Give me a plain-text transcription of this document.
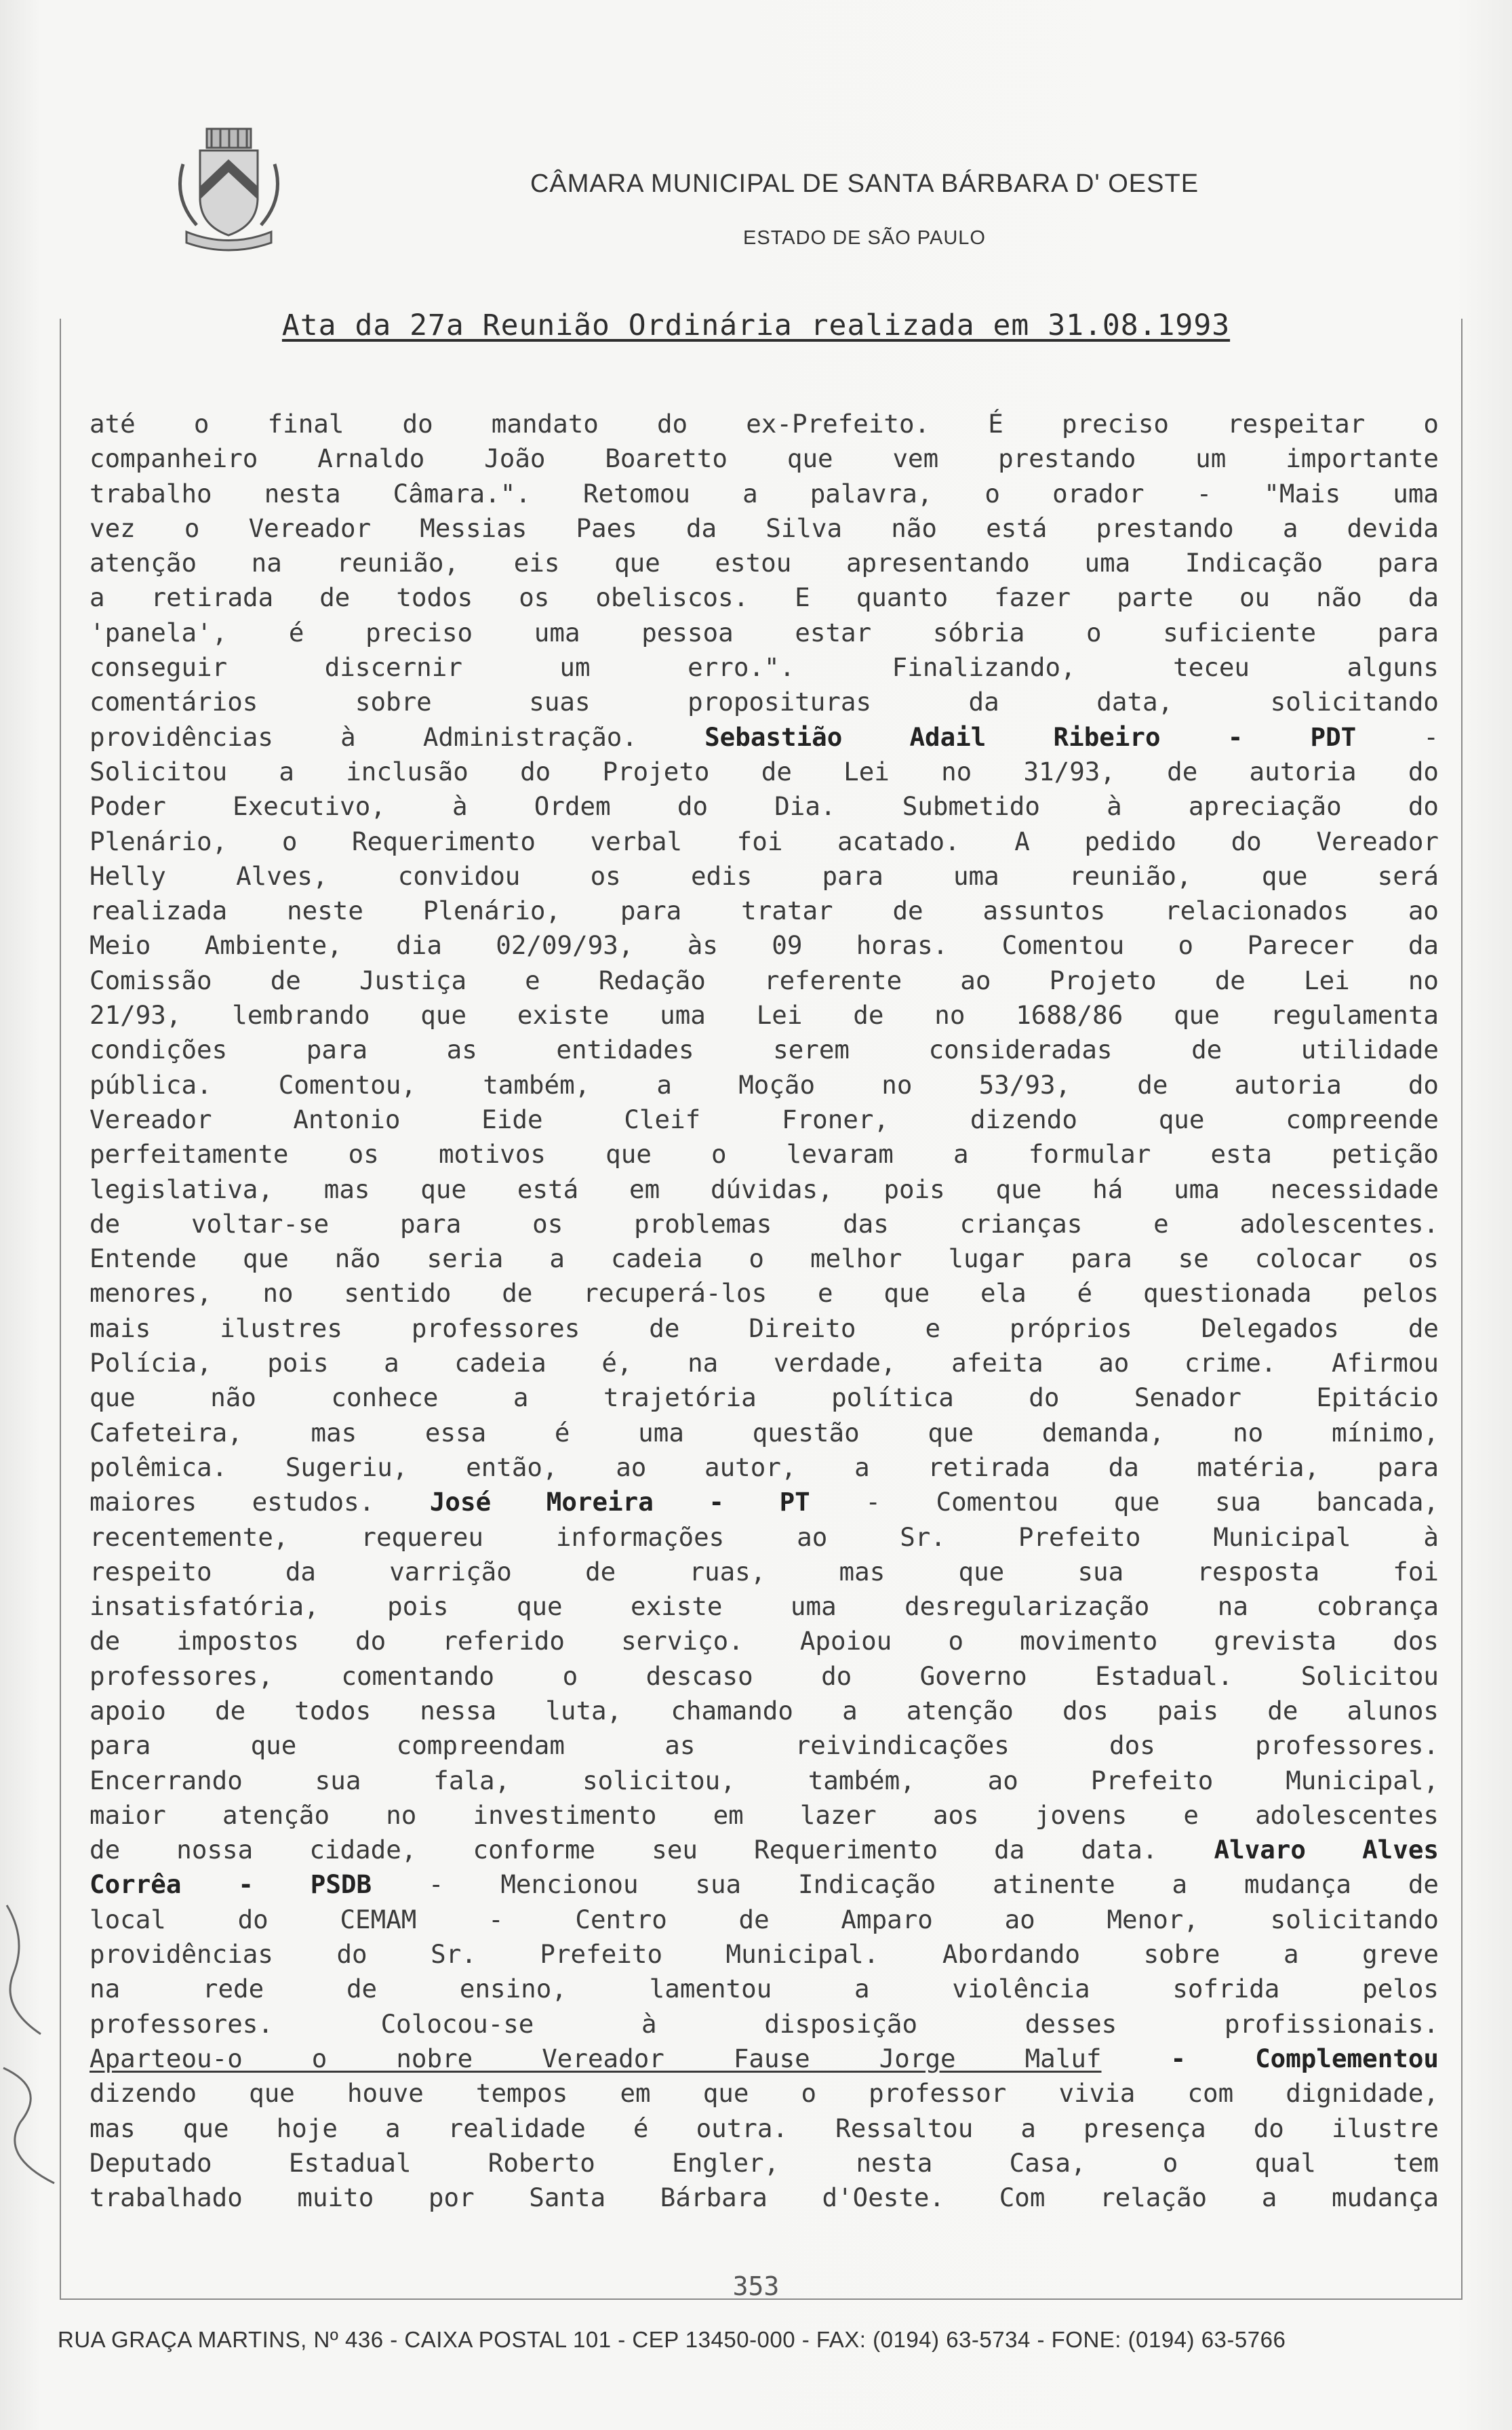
CÂMARA MUNICIPAL DE SANTA BÁRBARA D' OESTE
ESTADO DE SÃO PAULO
Ata da 27a Reunião Ordinária realizada em 31.08.1993
até o final do mandato do ex-Prefeito. É preciso respeitar o
companheiro Arnaldo João Boaretto que vem prestando um importante
trabalho nesta Câmara.". Retomou a palavra, o orador - "Mais uma
vez o Vereador Messias Paes da Silva não está prestando a devida
atenção na reunião, eis que estou apresentando uma Indicação para
a retirada de todos os obeliscos. E quanto fazer parte ou não da
'panela', é preciso uma pessoa estar sóbria o suficiente para
conseguir discernir um erro.". Finalizando, teceu alguns
comentários sobre suas proposituras da data, solicitando
providências à Administração. Sebastião Adail Ribeiro - PDT -
Solicitou a inclusão do Projeto de Lei no 31/93, de autoria do
Poder Executivo, à Ordem do Dia. Submetido à apreciação do
Plenário, o Requerimento verbal foi acatado. A pedido do Vereador
Helly Alves, convidou os edis para uma reunião, que será
realizada neste Plenário, para tratar de assuntos relacionados ao
Meio Ambiente, dia 02/09/93, às 09 horas. Comentou o Parecer da
Comissão de Justiça e Redação referente ao Projeto de Lei no
21/93, lembrando que existe uma Lei de no 1688/86 que regulamenta
condições para as entidades serem consideradas de utilidade
pública. Comentou, também, a Moção no 53/93, de autoria do
Vereador Antonio Eide Cleif Froner, dizendo que compreende
perfeitamente os motivos que o levaram a formular esta petição
legislativa, mas que está em dúvidas, pois que há uma necessidade
de voltar-se para os problemas das crianças e adolescentes.
Entende que não seria a cadeia o melhor lugar para se colocar os
menores, no sentido de recuperá-los e que ela é questionada pelos
mais ilustres professores de Direito e próprios Delegados de
Polícia, pois a cadeia é, na verdade, afeita ao crime. Afirmou
que não conhece a trajetória política do Senador Epitácio
Cafeteira, mas essa é uma questão que demanda, no mínimo,
polêmica. Sugeriu, então, ao autor, a retirada da matéria, para
maiores estudos. José Moreira - PT - Comentou que sua bancada,
recentemente, requereu informações ao Sr. Prefeito Municipal à
respeito da varrição de ruas, mas que sua resposta foi
insatisfatória, pois que existe uma desregularização na cobrança
de impostos do referido serviço. Apoiou o movimento grevista dos
professores, comentando o descaso do Governo Estadual. Solicitou
apoio de todos nessa luta, chamando a atenção dos pais de alunos
para que compreendam as reivindicações dos professores.
Encerrando sua fala, solicitou, também, ao Prefeito Municipal,
maior atenção no investimento em lazer aos jovens e adolescentes
de nossa cidade, conforme seu Requerimento da data. Alvaro Alves
Corrêa - PSDB - Mencionou sua Indicação atinente a mudança de
local do CEMAM - Centro de Amparo ao Menor, solicitando
providências do Sr. Prefeito Municipal. Abordando sobre a greve
na rede de ensino, lamentou a violência sofrida pelos
professores. Colocou-se à disposição desses profissionais.
Aparteou-o o nobre Vereador Fause Jorge Maluf - Complementou
dizendo que houve tempos em que o professor vivia com dignidade,
mas que hoje a realidade é outra. Ressaltou a presença do ilustre
Deputado Estadual Roberto Engler, nesta Casa, o qual tem
trabalhado muito por Santa Bárbara d'Oeste. Com relação a mudança
353
RUA GRAÇA MARTINS, Nº 436 - CAIXA POSTAL 101 - CEP 13450-000 - FAX: (0194) 63-5734 - FONE: (0194) 63-5766
